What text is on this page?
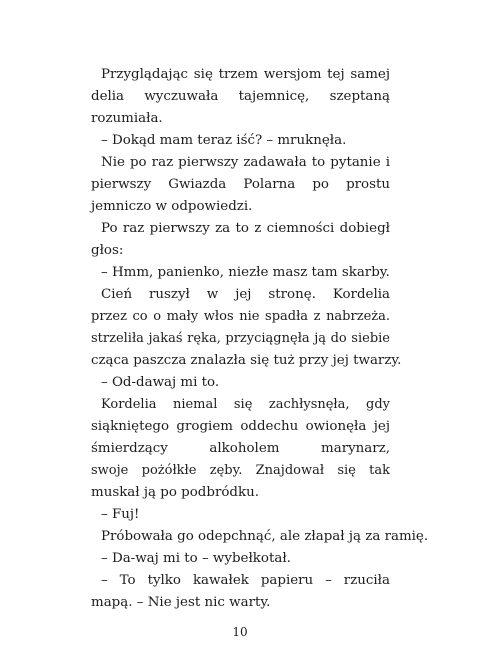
Przyglądając się trzem wersjom tej samej
delia wyczuwała tajemnicę, szeptaną
rozumiała.
– Dokąd mam teraz iść? – mruknęła.
Nie po raz pierwszy zadawała to pytanie i
pierwszy Gwiazda Polarna po prostu
jemniczo w odpowiedzi.
Po raz pierwszy za to z ciemności dobiegł
głos:
– Hmm, panienko, niezłe masz tam skarby.
Cień ruszył w jej stronę. Kordelia
przez co o mały włos nie spadła z nabrzeża.
strzeliła jakaś ręka, przyciągnęła ją do siebie
cząca paszcza znalazła się tuż przy jej twarzy.
– Od-dawaj mi to.
Kordelia niemal się zachłysnęła, gdy
siąkniętego grogiem oddechu owionęła jej
śmierdzący alkoholem marynarz,
swoje pożółkłe zęby. Znajdował się tak
muskał ją po podbródku.
– Fuj!
Próbowała go odepchnąć, ale złapał ją za ramię.
– Da-waj mi to – wybełkotał.
– To tylko kawałek papieru – rzuciła
mapą. – Nie jest nic warty.
10
